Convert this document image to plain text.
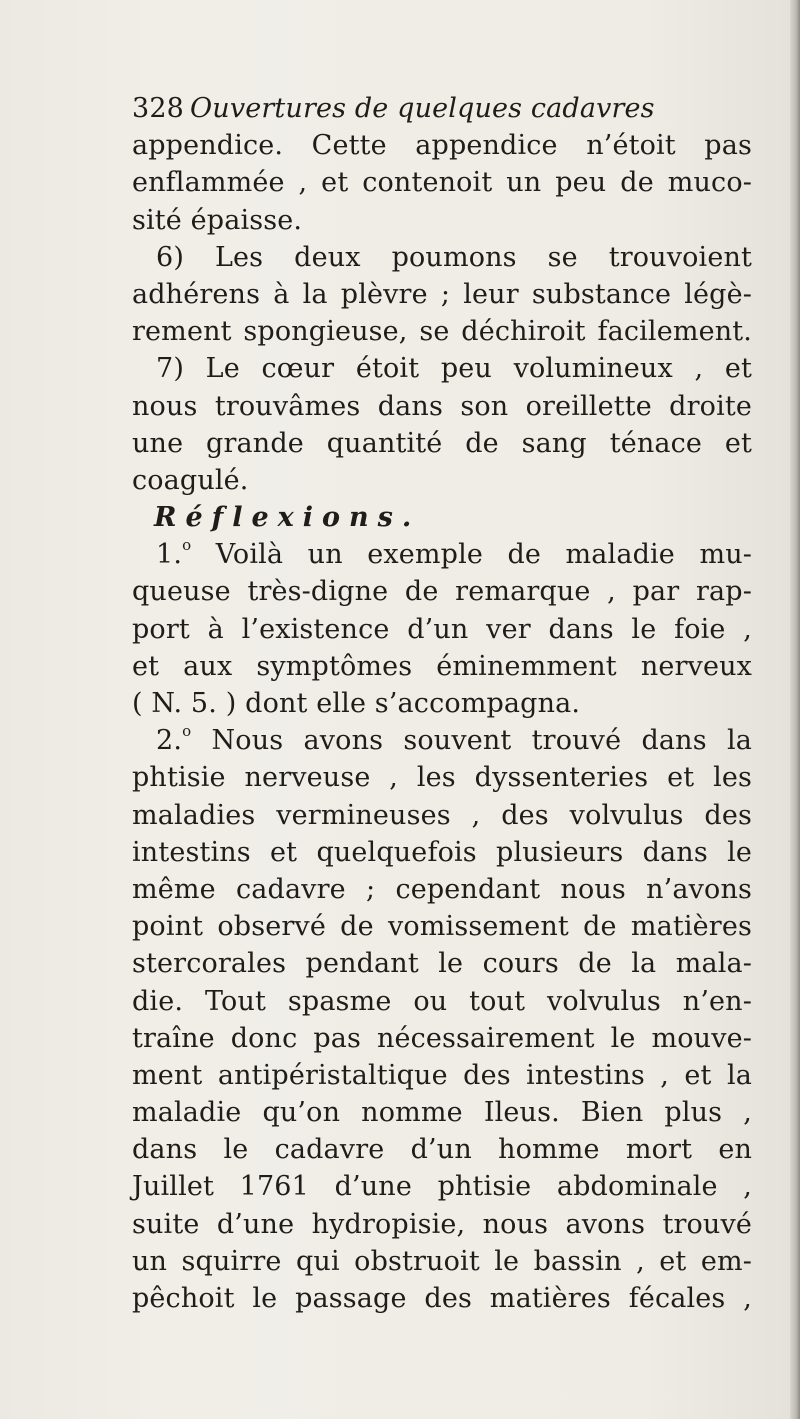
328 Ouvertures de quelques cadavres
appendice. Cette appendice n’étoit pas
enflammée , et contenoit un peu de muco-
sité épaisse.
6) Les deux poumons se trouvoient
adhérens à la plèvre ; leur substance légè-
rement spongieuse, se déchiroit facilement.
7) Le cœur étoit peu volumineux , et
nous trouvâmes dans son oreillette droite
une grande quantité de sang ténace et
coagulé.
Réflexions.
1.$^o$ Voilà un exemple de maladie mu-
queuse très-digne de remarque , par rap-
port à l’existence d’un ver dans le foie ,
et aux symptômes éminemment nerveux
( N. 5. ) dont elle s’accompagna.
2.$^o$ Nous avons souvent trouvé dans la
phtisie nerveuse , les dyssenteries et les
maladies vermineuses , des volvulus des
intestins et quelquefois plusieurs dans le
même cadavre ; cependant nous n’avons
point observé de vomissement de matières
stercorales pendant le cours de la mala-
die. Tout spasme ou tout volvulus n’en-
traîne donc pas nécessairement le mouve-
ment antipéristaltique des intestins , et la
maladie qu’on nomme Ileus. Bien plus ,
dans le cadavre d’un homme mort en
Juillet 1761 d’une phtisie abdominale ,
suite d’une hydropisie, nous avons trouvé
un squirre qui obstruoit le bassin , et em-
pêchoit le passage des matières fécales ,
